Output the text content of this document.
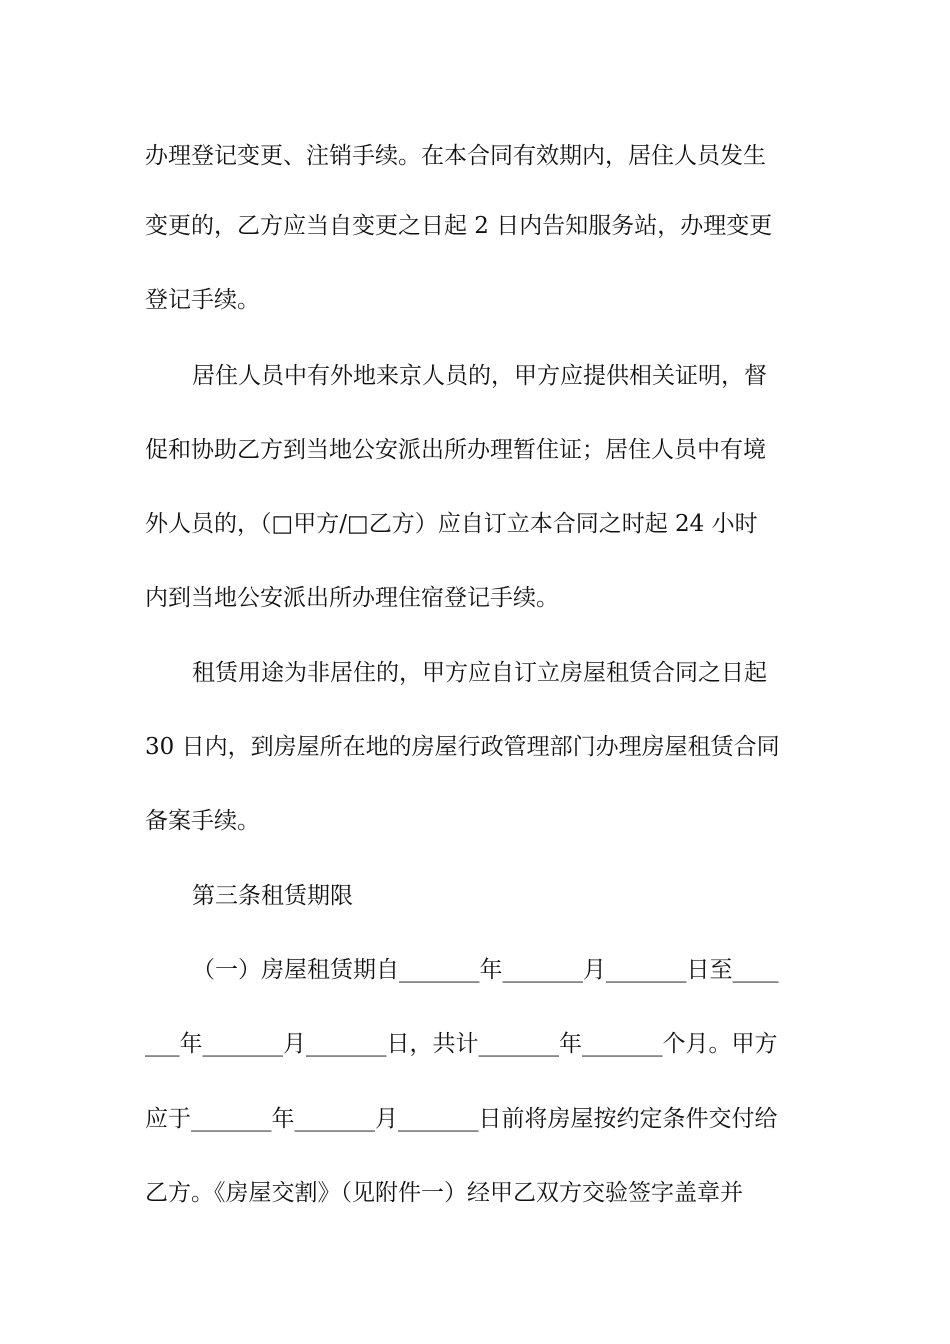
办理登记变更、注销手续。在本合同有效期内，居住人员发生
变更的，乙方应当自变更之日起 2 日内告知服务站，办理变更
登记手续。
居住人员中有外地来京人员的，甲方应提供相关证明，督
促和协助乙方到当地公安派出所办理暂住证；居住人员中有境
外人员的，（□甲方/□乙方）应自订立本合同之时起 24 小时
内到当地公安派出所办理住宿登记手续。
租赁用途为非居住的，甲方应自订立房屋租赁合同之日起
30 日内，到房屋所在地的房屋行政管理部门办理房屋租赁合同
备案手续。
第三条租赁期限
（一）房屋租赁期自_______年_______月_______日至____
___年_______月_______日，共计_______年_______个月。甲方
应于_______年_______月_______日前将房屋按约定条件交付给
乙方。《房屋交割》（见附件一）经甲乙双方交验签字盖章并
